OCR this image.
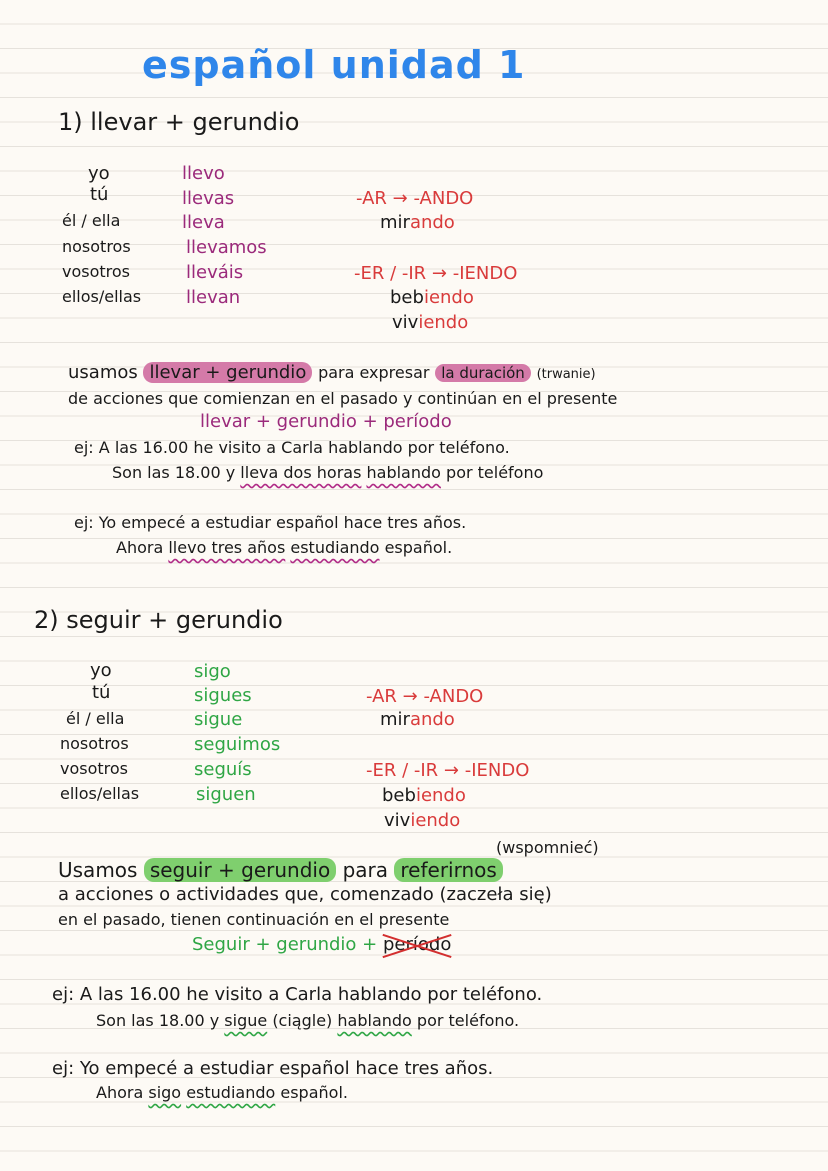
español unidad 1
1) llevar + gerundio
yo
tú
él / ella
nosotros
vosotros
ellos/ellas
llevo
llevas
lleva
llevamos
lleváis
llevan
-AR → -ANDO
mirando
-ER / -IR → -IENDO
bebiendo
viviendo
usamos llevar + gerundio para expresar la duración (trwanie)
de acciones que comienzan en el pasado y continúan en el presente
llevar + gerundio + período
ej: A las 16.00 he visito a Carla hablando por teléfono.
Son las 18.00 y lleva dos horas hablando por teléfono
ej: Yo empecé a estudiar español hace tres años.
Ahora llevo tres años estudiando español.
2) seguir + gerundio
yo
tú
él / ella
nosotros
vosotros
ellos/ellas
sigo
sigues
sigue
seguimos
seguís
siguen
-AR → -ANDO
mirando
-ER / -IR → -IENDO
bebiendo
viviendo
(wspomnieć)
Usamos seguir + gerundio para referirnos
a acciones o actividades que, comenzado (zaczeła się)
en el pasado, tienen continuación en el presente
Seguir + gerundio + período
ej: A las 16.00 he visito a Carla hablando por teléfono.
Son las 18.00 y sigue (ciągle) hablando por teléfono.
ej: Yo empecé a estudiar español hace tres años.
Ahora sigo estudiando español.
